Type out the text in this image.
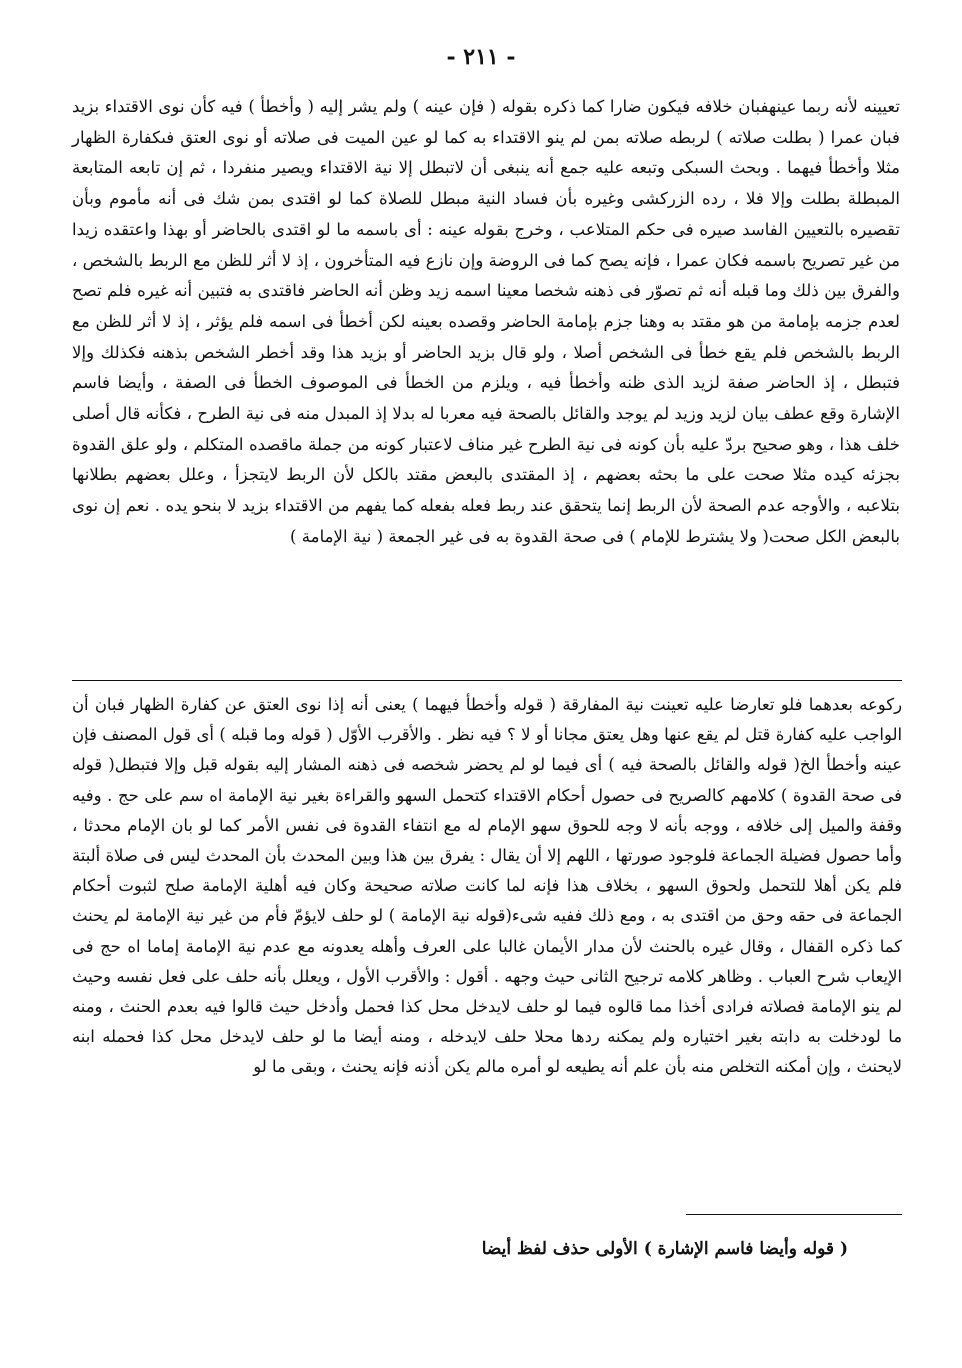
- ٢١١ -

تعيينه لأنه ربما عينهفبان خلافه فيكون ضارا كما ذكره بقوله ( فإن عينه ) ولم يشر إليه ( وأخطأ ) فيه كأن نوى الاقتداء بزيد فبان عمرا ( بطلت صلاته ) لربطه صلاته بمن لم ينو الاقتداء به كما لو عين الميت فى صلاته أو نوى العتق فىكفارة الظهار مثلا وأخطأ فيهما . وبحث السبكى وتبعه عليه جمع أنه ينبغى أن لاتبطل إلا نية الاقتداء ويصير منفردا ، ثم إن تابعه المتابعة المبطلة بطلت وإلا فلا ، رده الزركشى وغيره بأن فساد النية مبطل للصلاة كما لو اقتدى بمن شك فى أنه مأموم وبأن تقصيره بالتعيين الفاسد صيره فى حكم المتلاعب ، وخرج بقوله عينه : أى باسمه ما لو اقتدى بالحاضر أو بهذا واعتقده زيدا من غير تصريح باسمه فكان عمرا ، فإنه يصح كما فى الروضة وإن نازع فيه المتأخرون ، إذ لا أثر للظن مع الربط بالشخص ، والفرق بين ذلك وما قبله أنه ثم تصوّر فى ذهنه شخصا معينا اسمه زيد وظن أنه الحاضر فاقتدى به فتبين أنه غيره فلم تصح لعدم جزمه بإمامة من هو مقتد به وهنا جزم بإمامة الحاضر وقصده بعينه لكن أخطأ فى اسمه فلم يؤثر ، إذ لا أثر للظن مع الربط بالشخص فلم يقع خطأ فى الشخص أصلا ، ولو قال بزيد الحاضر أو بزيد هذا وقد أخطر الشخص بذهنه فكذلك وإلا فتبطل ، إذ الحاضر صفة لزيد الذى ظنه وأخطأ فيه ، ويلزم من الخطأ فى الموصوف الخطأ فى الصفة ، وأيضا فاسم الإشارة وقع عطف بيان لزيد وزيد لم يوجد والقائل بالصحة فيه معربا له بدلا إذ المبدل منه فى نية الطرح ، فكأنه قال أصلى خلف هذا ، وهو صحيح بردّ عليه بأن كونه فى نية الطرح غير مناف لاعتبار كونه من جملة ماقصده المتكلم ، ولو علق القدوة بجزئه كيده مثلا صحت على ما بحثه بعضهم ، إذ المقتدى بالبعض مقتد بالكل لأن الربط لايتجزأ ، وعلل بعضهم بطلانها بتلاعبه ، والأوجه عدم الصحة لأن الربط إنما يتحقق عند ربط فعله بفعله كما يفهم من الاقتداء بزيد لا بنحو يده . نعم إن نوى بالبعض الكل صحت( ولا يشترط للإمام ) فى صحة القدوة به فى غير الجمعة ( نية الإمامة )

ركوعه بعدهما فلو تعارضا عليه تعينت نية المفارقة ( قوله وأخطأ فيهما ) يعنى أنه إذا نوى العتق عن كفارة الظهار فبان أن الواجب عليه كفارة قتل لم يقع عنها وهل يعتق مجانا أو لا ؟ فيه نظر . والأقرب الأوّل ( قوله وما قبله ) أى قول المصنف فإن عينه وأخطأ الخ( قوله والقائل بالصحة فيه ) أى فيما لو لم يحضر شخصه فى ذهنه المشار إليه بقوله قبل وإلا فتبطل( قوله فى صحة القدوة ) كلامهم كالصريح فى حصول أحكام الاقتداء كتحمل السهو والقراءة بغير نية الإمامة اه سم على حج . وفيه وقفة والميل إلى خلافه ، ووجه بأنه لا وجه للحوق سهو الإمام له مع انتفاء القدوة فى نفس الأمر كما لو بان الإمام محدثا ، وأما حصول فضيلة الجماعة فلوجود صورتها ، اللهم إلا أن يقال : يفرق بين هذا وبين المحدث بأن المحدث ليس فى صلاة ألبتة فلم يكن أهلا للتحمل ولحوق السهو ، بخلاف هذا فإنه لما كانت صلاته صحيحة وكان فيه أهلية الإمامة صلح لثبوت أحكام الجماعة فى حقه وحق من اقتدى به ، ومع ذلك ففيه شىء(قوله نية الإمامة ) لو حلف لايؤمّ فأم من غير نية الإمامة لم يحنث كما ذكره القفال ، وقال غيره بالحنث لأن مدار الأيمان غالبا على العرف وأهله يعدونه مع عدم نية الإمامة إماما اه حج فى الإيعاب شرح العباب . وظاهر كلامه ترجيح الثانى حيث وجهه . أقول : والأقرب الأول ، ويعلل بأنه حلف على فعل نفسه وحيث لم ينو الإمامة فصلاته فرادى أخذا مما قالوه فيما لو حلف لايدخل محل كذا فحمل وأدخل حيث قالوا فيه بعدم الحنث ، ومنه ما لودخلت به دابته بغير اختياره ولم يمكنه ردها محلا حلف لايدخله ، ومنه أيضا ما لو حلف لايدخل محل كذا فحمله ابنه لايحنث ، وإن أمكنه التخلص منه بأن علم أنه يطيعه لو أمره مالم يكن أذنه فإنه يحنث ، وبقى ما لو

( قوله وأيضا فاسم الإشارة ) الأولى حذف لفظ أيضا
